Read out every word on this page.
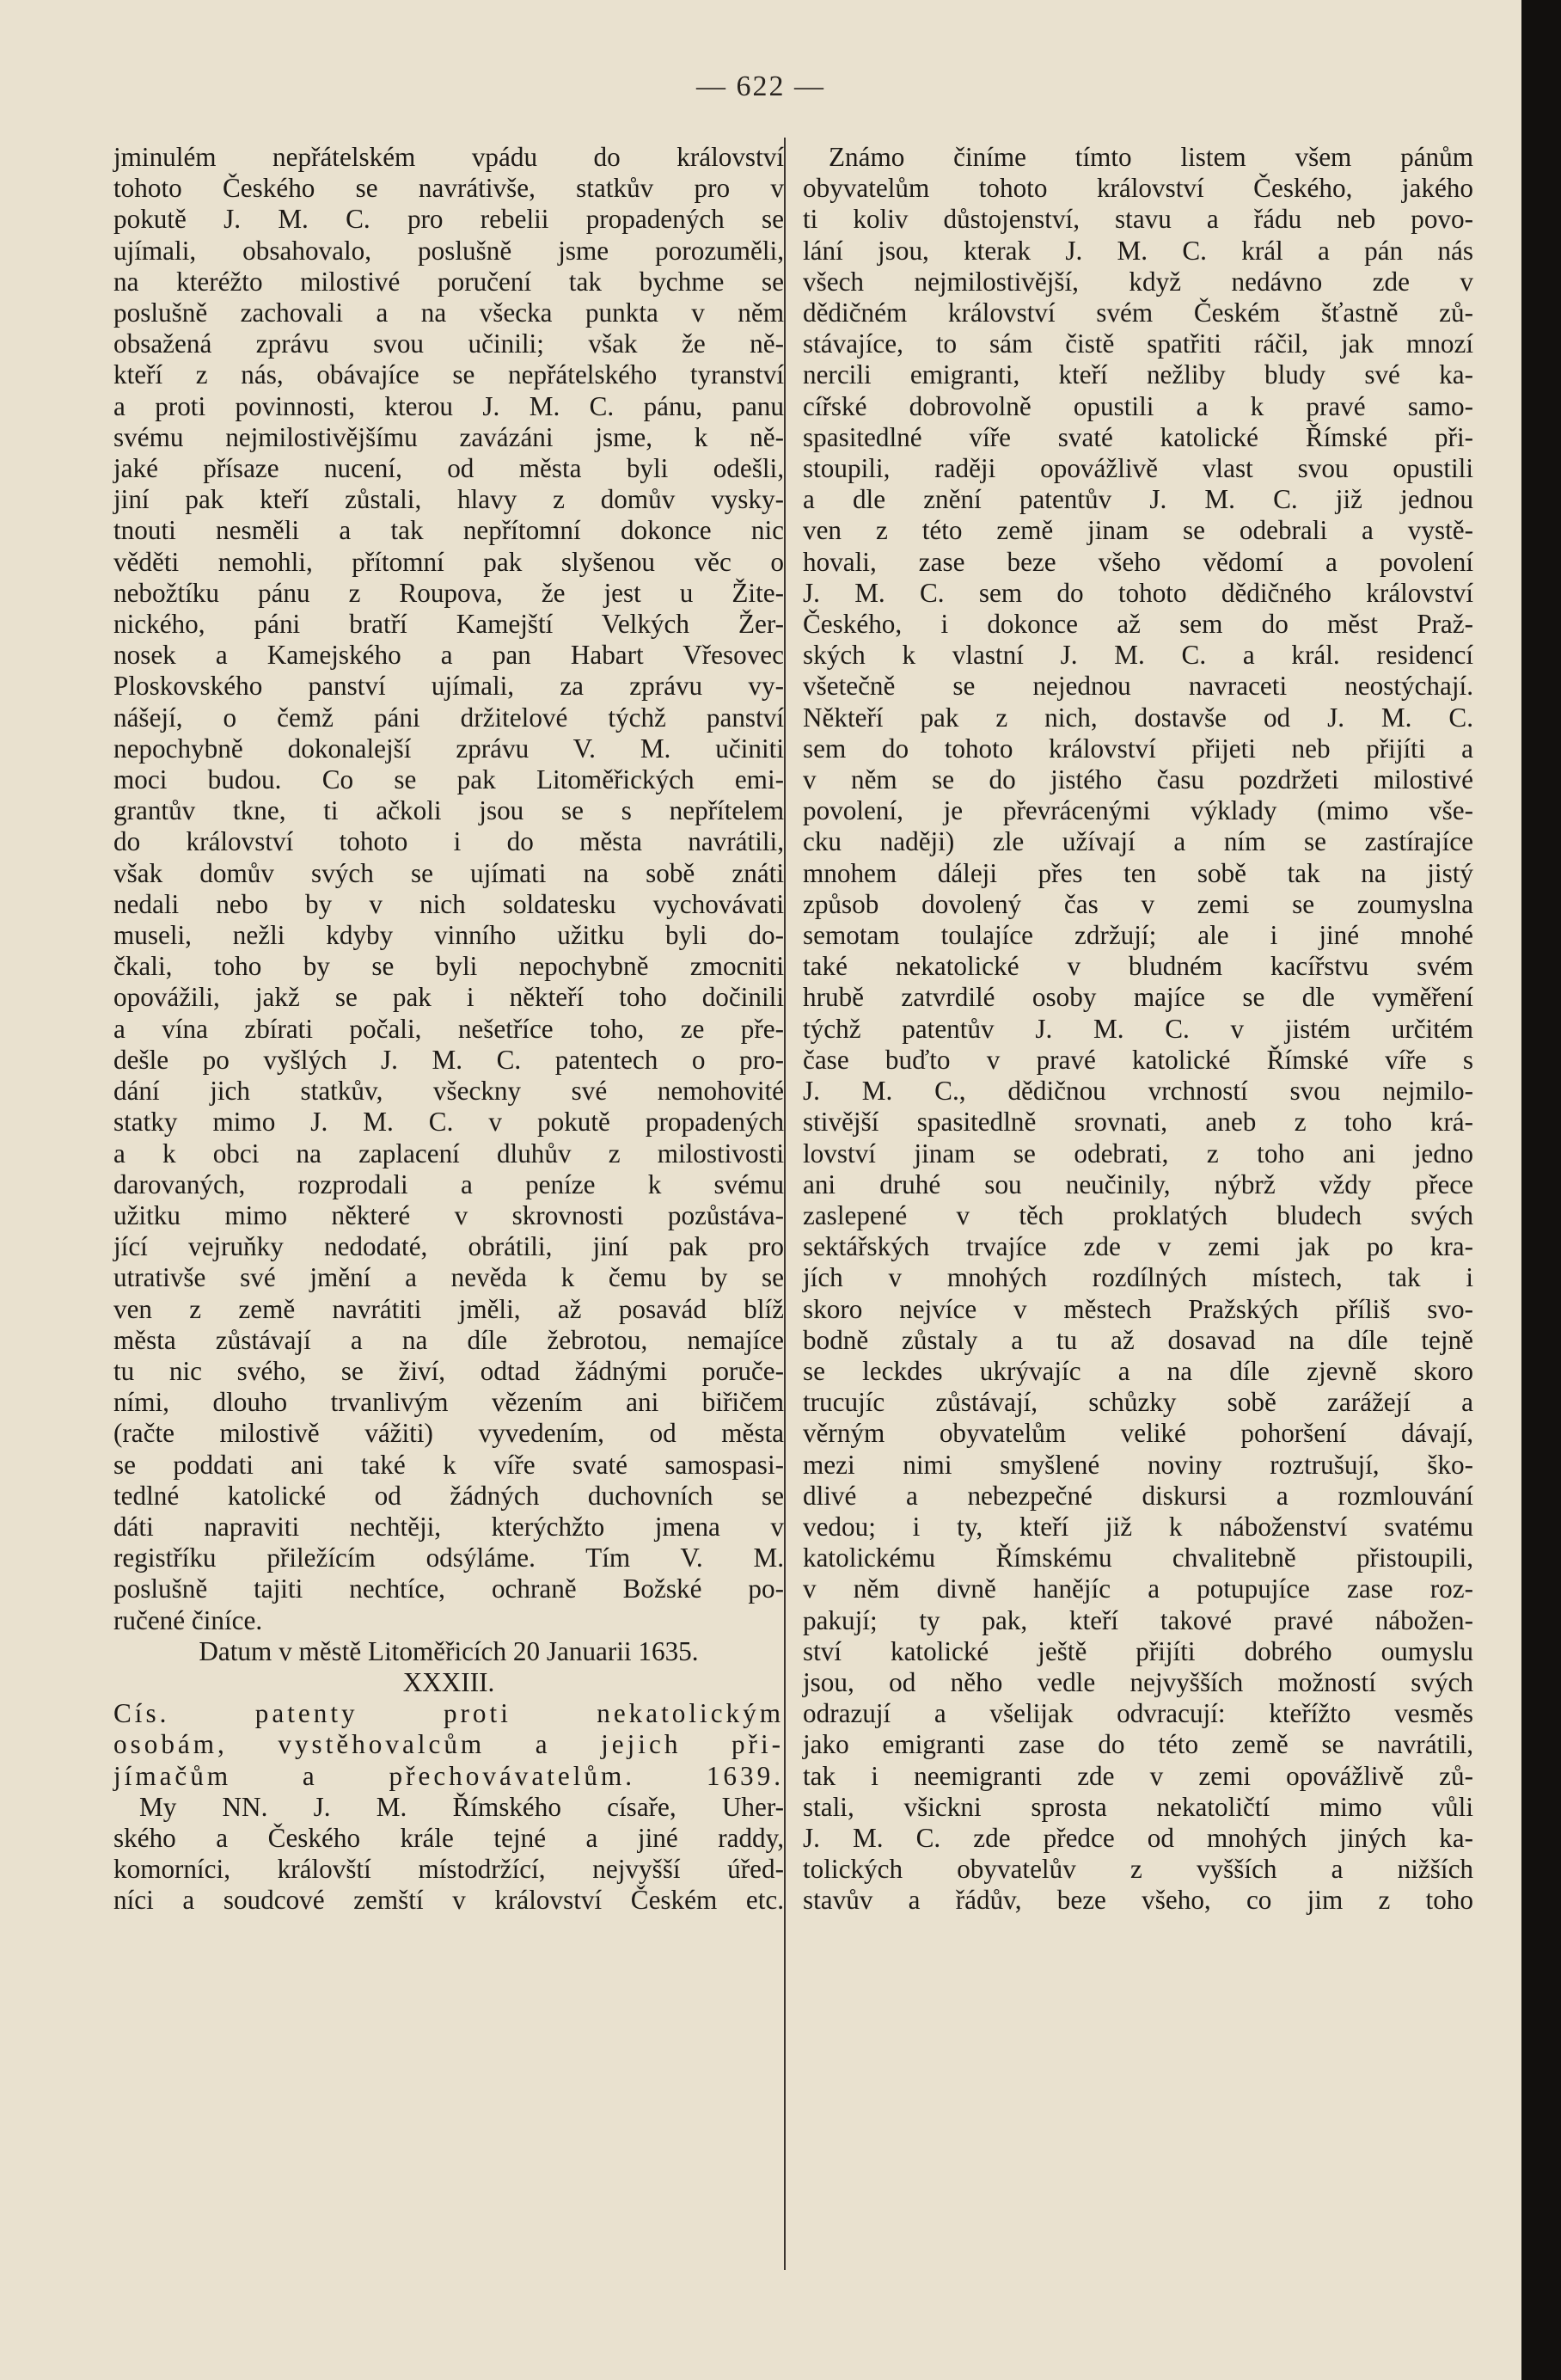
— 622 —
jminulém nepřátelském vpádu do království
tohoto Českého se navrátivše, statkův pro v
pokutě J. M. C. pro rebelii propadených se
ujímali, obsahovalo, poslušně jsme porozuměli,
na kteréžto milostivé poručení tak bychme se
poslušně zachovali a na všecka punkta v něm
obsažená zprávu svou učinili; však že ně-
kteří z nás, obávajíce se nepřátelského tyranství
a proti povinnosti, kterou J. M. C. pánu, panu
svému nejmilostivějšímu zavázáni jsme, k ně-
jaké přísaze nucení, od města byli odešli,
jiní pak kteří zůstali, hlavy z domův vysky-
tnouti nesměli a tak nepřítomní dokonce nic
věděti nemohli, přítomní pak slyšenou věc o
nebožtíku pánu z Roupova, že jest u Žite-
nického, páni bratří Kamejští Velkých Žer-
nosek a Kamejského a pan Habart Vřesovec
Ploskovského panství ujímali, za zprávu vy-
nášejí, o čemž páni držitelové týchž panství
nepochybně dokonalejší zprávu V. M. učiniti
moci budou. Co se pak Litoměřických emi-
grantův tkne, ti ačkoli jsou se s nepřítelem
do království tohoto i do města navrátili,
však domův svých se ujímati na sobě znáti
nedali nebo by v nich soldatesku vychovávati
museli, nežli kdyby vinního užitku byli do-
čkali, toho by se byli nepochybně zmocniti
opovážili, jakž se pak i někteří toho dočinili
a vína zbírati počali, nešetříce toho, ze pře-
dešle po vyšlých J. M. C. patentech o pro-
dání jich statkův, všeckny své nemohovité
statky mimo J. M. C. v pokutě propadených
a k obci na zaplacení dluhův z milostivosti
darovaných, rozprodali a peníze k svému
užitku mimo některé v skrovnosti pozůstáva-
jící vejruňky nedodaté, obrátili, jiní pak pro
utrativše své jmění a nevěda k čemu by se
ven z země navrátiti jměli, až posavád blíž
města zůstávají a na díle žebrotou, nemajíce
tu nic svého, se živí, odtad žádnými poruče-
ními, dlouho trvanlivým vězením ani biřičem
(račte milostivě vážiti) vyvedením, od města
se poddati ani také k víře svaté samospasi-
tedlné katolické od žádných duchovních se
dáti napraviti nechtěji, kterýchžto jmena v
registříku přiležícím odsýláme. Tím V. M.
poslušně tajiti nechtíce, ochraně Božské po-
ručené činíce.
Datum v městě Litoměřicích 20 Januarii 1635.
XXXIII.
Cís. patenty proti nekatolickým
osobám, vystěhovalcům a jejich při-
jímačům a přechovávatelům. 1639.
My NN. J. M. Římského císaře, Uher-
ského a Českého krále tejné a jiné raddy,
komorníci, královští místodržící, nejvyšší úřed-
níci a soudcové zemští v království Českém etc.
Známo činíme tímto listem všem pánům
obyvatelům tohoto království Českého, jakého
ti koliv důstojenství, stavu a řádu neb povo-
lání jsou, kterak J. M. C. král a pán nás
všech nejmilostivější, když nedávno zde v
dědičném království svém Českém šťastně zů-
stávajíce, to sám čistě spatřiti ráčil, jak mnozí
nercili emigranti, kteří nežliby bludy své ka-
cířské dobrovolně opustili a k pravé samo-
spasitedlné víře svaté katolické Římské při-
stoupili, raději opovážlivě vlast svou opustili
a dle znění patentův J. M. C. již jednou
ven z této země jinam se odebrali a vystě-
hovali, zase beze všeho vědomí a povolení
J. M. C. sem do tohoto dědičného království
Českého, i dokonce až sem do měst Praž-
ských k vlastní J. M. C. a král. residencí
všetečně se nejednou navraceti neostýchají.
Někteří pak z nich, dostavše od J. M. C.
sem do tohoto království přijeti neb přijíti a
v něm se do jistého času pozdržeti milostivé
povolení, je převrácenými výklady (mimo vše-
cku naději) zle užívají a ním se zastírajíce
mnohem dáleji přes ten sobě tak na jistý
způsob dovolený čas v zemi se zoumyslna
semotam toulajíce zdržují; ale i jiné mnohé
také nekatolické v bludném kacířstvu svém
hrubě zatvrdilé osoby majíce se dle vyměření
týchž patentův J. M. C. v jistém určitém
čase buďto v pravé katolické Římské víře s
J. M. C., dědičnou vrchností svou nejmilo-
stivější spasitedlně srovnati, aneb z toho krá-
lovství jinam se odebrati, z toho ani jedno
ani druhé sou neučinily, nýbrž vždy přece
zaslepené v těch proklatých bludech svých
sektářských trvajíce zde v zemi jak po kra-
jích v mnohých rozdílných místech, tak i
skoro nejvíce v městech Pražských příliš svo-
bodně zůstaly a tu až dosavad na díle tejně
se leckdes ukrývajíc a na díle zjevně skoro
trucujíc zůstávají, schůzky sobě zarážejí a
věrným obyvatelům veliké pohoršení dávají,
mezi nimi smyšlené noviny roztrušují, ško-
dlivé a nebezpečné diskursi a rozmlouvání
vedou; i ty, kteří již k náboženství svatému
katolickému Římskému chvalitebně přistoupili,
v něm divně hanějíc a potupujíce zase roz-
pakují; ty pak, kteří takové pravé nábožen-
ství katolické ještě přijíti dobrého oumyslu
jsou, od něho vedle nejvyšších možností svých
odrazují a všelijak odvracují: kteřížto vesměs
jako emigranti zase do této země se navrátili,
tak i neemigranti zde v zemi opovážlivě zů-
stali, všickni sprosta nekatoličtí mimo vůli
J. M. C. zde předce od mnohých jiných ka-
tolických obyvatelův z vyšších a nižších
stavův a řádův, beze všeho, co jim z toho
